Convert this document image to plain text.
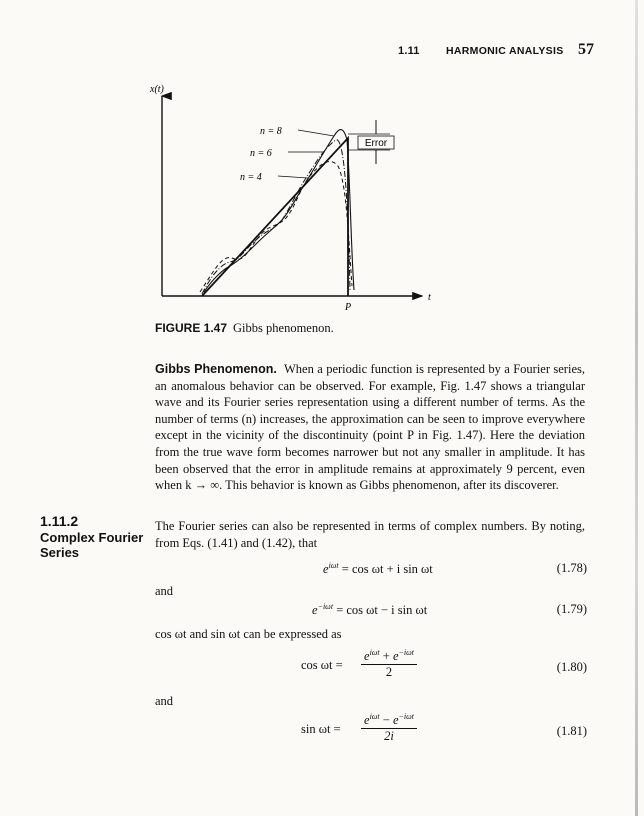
1.11	HARMONIC ANALYSIS 57
Error
n = 8
n = 6
n = 4
x(t)
t
P
FIGURE 1.47 Gibbs phenomenon.
Gibbs Phenomenon. When a periodic function is represented by a Fourier series, an anomalous behavior can be observed. For example, Fig. 1.47 shows a triangular wave and its Fourier series representation using a different number of terms. As the number of terms (n) increases, the approximation can be seen to improve everywhere except in the vicinity of the discontinuity (point P in Fig. 1.47). Here the deviation from the true wave form becomes narrower but not any smaller in amplitude. It has been observed that the error in amplitude remains at approximately 9 percent, even when k → ∞. This behavior is known as Gibbs phenomenon, after its discoverer.
1.11.2
Complex Fourier
Series
The Fourier series can also be represented in terms of complex numbers. By noting, from Eqs. (1.41) and (1.42), that
$e^{i\omega t} = \cos \omega t + i$ sin ωt	(1.78)
and
$e^{-i\omega t} = \cos \omega t - i$ sin ωt	(1.79)
cos ωt and sin ωt can be expressed as
$\cos \omega t = \frac{e^{i\omega t} + e^{-i\omega t}}{2}$	(1.80)
and
$\sin \omega t = \frac{e^{i\omega t} - e^{-i\omega t}}{2i}$	(1.81)
